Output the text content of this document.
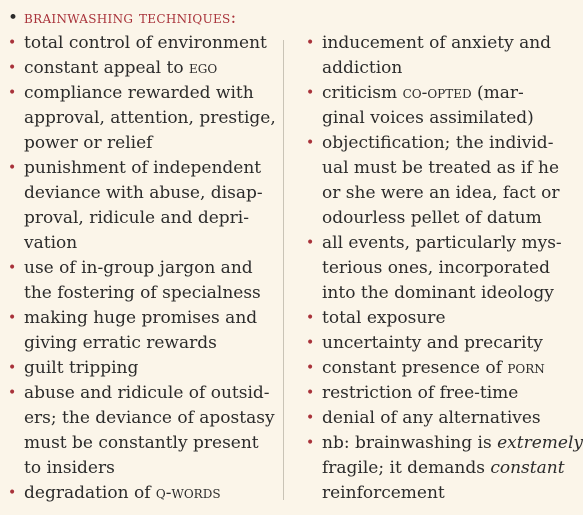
• brainwashing techniques:
• total control of environment
• constant appeal to ego
• compliance rewarded with
approval, attention, prestige,
power or relief
• punishment of independent
deviance with abuse, disap-
proval, ridicule and depri-
vation
• use of in-group jargon and
the fostering of specialness
• making huge promises and
giving erratic rewards
• guilt tripping
• abuse and ridicule of outsid-
ers; the deviance of apostasy
must be constantly present
to insiders
• degradation of q-words
• inducement of anxiety and
addiction
• criticism co-opted (mar-
ginal voices assimilated)
• objectification; the individ-
ual must be treated as if he
or she were an idea, fact or
odourless pellet of datum
• all events, particularly mys-
terious ones, incorporated
into the dominant ideology
• total exposure
• uncertainty and precarity
• constant presence of porn
• restriction of free-time
• denial of any alternatives
• nb: brainwashing is extremely
fragile; it demands constant
reinforcement
